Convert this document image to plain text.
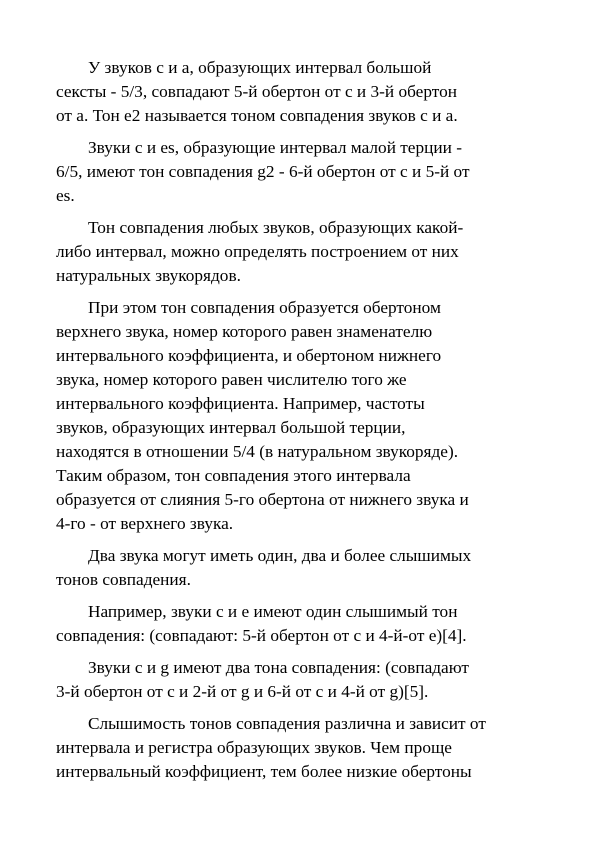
У звуков с и а, образующих интервал большой
сексты - 5/3, совпадают 5-й обертон от с и 3-й обертон
от а. Тон е2 называется тоном совпадения звуков с и а.

Звуки с и es, образующие интервал малой терции -
6/5, имеют тон совпадения g2 - 6-й обертон от с и 5-й от
es.

Тон совпадения любых звуков, образующих какой-
либо интервал, можно определять построением от них
натуральных звукорядов.

При этом тон совпадения образуется обертоном
верхнего звука, номер которого равен знаменателю
интервального коэффициента, и обертоном нижнего
звука, номер которого равен числителю того же
интервального коэффициента. Например, частоты
звуков, образующих интервал большой терции,
находятся в отношении 5/4 (в натуральном звукоряде).
Таким образом, тон совпадения этого интервала
образуется от слияния 5-го обертона от нижнего звука и
4-го - от верхнего звука.

Два звука могут иметь один, два и более слышимых
тонов совпадения.

Например, звуки с и е имеют один слышимый тон
совпадения: (совпадают: 5-й обертон от с и 4-й-от е)[4].

Звуки с и g имеют два тона совпадения: (совпадают
3-й обертон от с и 2-й от g и 6-й от с и 4-й от g)[5].

Слышимость тонов совпадения различна и зависит от
интервала и регистра образующих звуков. Чем проще
интервальный коэффициент, тем более низкие обертоны
